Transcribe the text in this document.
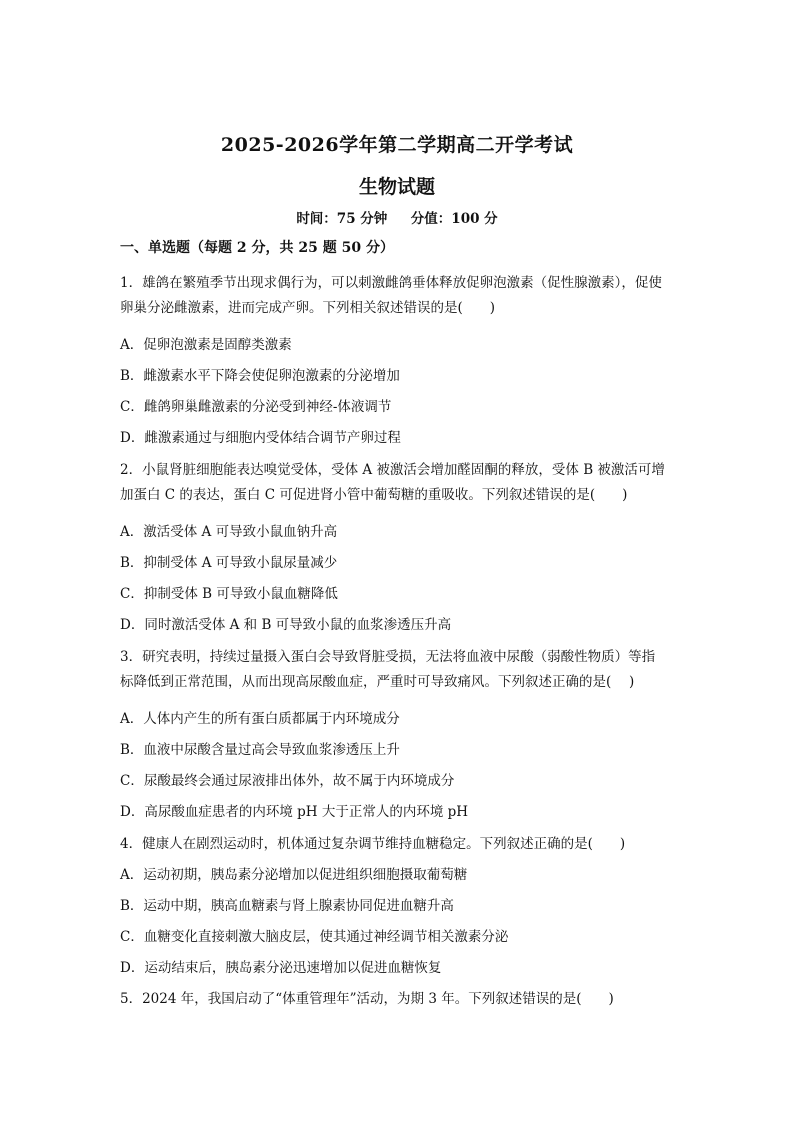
2025-2026学年第二学期高二开学考试
生物试题
时间：75 分钟     分值：100 分
一、单选题（每题 2 分，共 25 题 50 分）
1．雄鸽在繁殖季节出现求偶行为，可以刺激雌鸽垂体释放促卵泡激素（促性腺激素），促使
卵巢分泌雌激素，进而完成产卵。下列相关叙述错误的是(　　)
A．促卵泡激素是固醇类激素
B．雌激素水平下降会使促卵泡激素的分泌增加
C．雌鸽卵巢雌激素的分泌受到神经-体液调节
D．雌激素通过与细胞内受体结合调节产卵过程
2．小鼠肾脏细胞能表达嗅觉受体，受体 A 被激活会增加醛固酮的释放，受体 B 被激活可增
加蛋白 C 的表达，蛋白 C 可促进肾小管中葡萄糖的重吸收。下列叙述错误的是(　　)
A．激活受体 A 可导致小鼠血钠升高
B．抑制受体 A 可导致小鼠尿量减少
C．抑制受体 B 可导致小鼠血糖降低
D．同时激活受体 A 和 B 可导致小鼠的血浆渗透压升高
3．研究表明，持续过量摄入蛋白会导致肾脏受损，无法将血液中尿酸（弱酸性物质）等指
标降低到正常范围，从而出现高尿酸血症，严重时可导致痛风。下列叙述正确的是(　 )
A．人体内产生的所有蛋白质都属于内环境成分
B．血液中尿酸含量过高会导致血浆渗透压上升
C．尿酸最终会通过尿液排出体外，故不属于内环境成分
D．高尿酸血症患者的内环境 pH 大于正常人的内环境 pH
4．健康人在剧烈运动时，机体通过复杂调节维持血糖稳定。下列叙述正确的是(　　)
A．运动初期，胰岛素分泌增加以促进组织细胞摄取葡萄糖
B．运动中期，胰高血糖素与肾上腺素协同促进血糖升高
C．血糖变化直接刺激大脑皮层，使其通过神经调节相关激素分泌
D．运动结束后，胰岛素分泌迅速增加以促进血糖恢复
5．2024 年，我国启动了“体重管理年”活动，为期 3 年。下列叙述错误的是(　　)
